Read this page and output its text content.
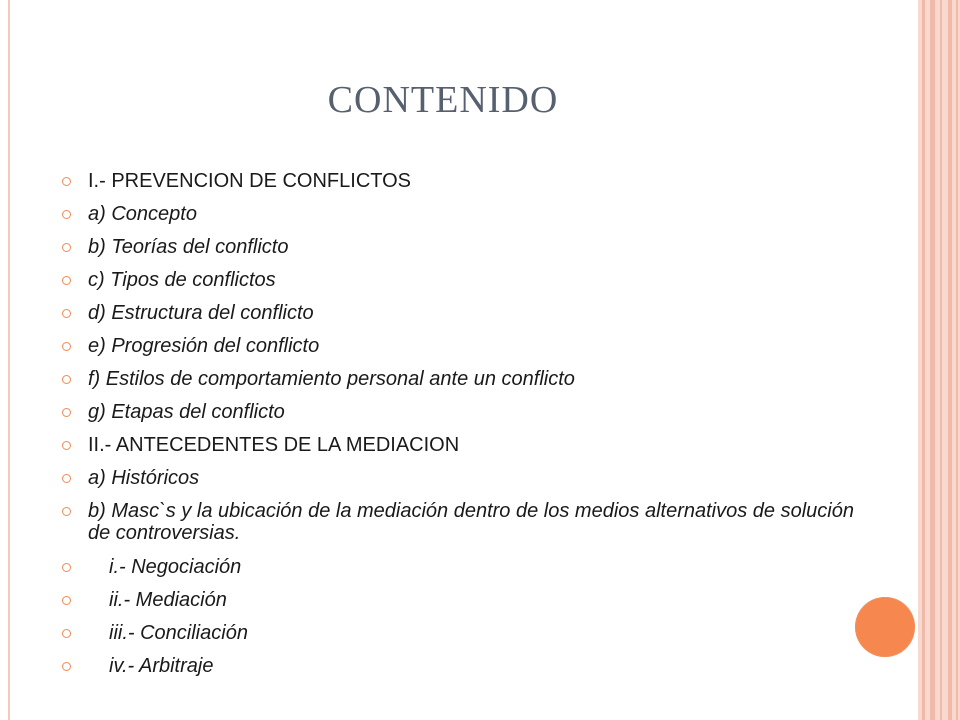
CONTENIDO
I.- PREVENCION DE CONFLICTOS
a) Concepto
b) Teorías del conflicto
c) Tipos de conflictos
d) Estructura del conflicto
e) Progresión del conflicto
f) Estilos de comportamiento personal ante un conflicto
g) Etapas del conflicto
II.- ANTECEDENTES DE LA MEDIACION
a) Históricos
b) Masc`s y la ubicación de la mediación dentro de los medios alternativos de solución de controversias.
i.- Negociación
ii.- Mediación
iii.- Conciliación
iv.- Arbitraje
